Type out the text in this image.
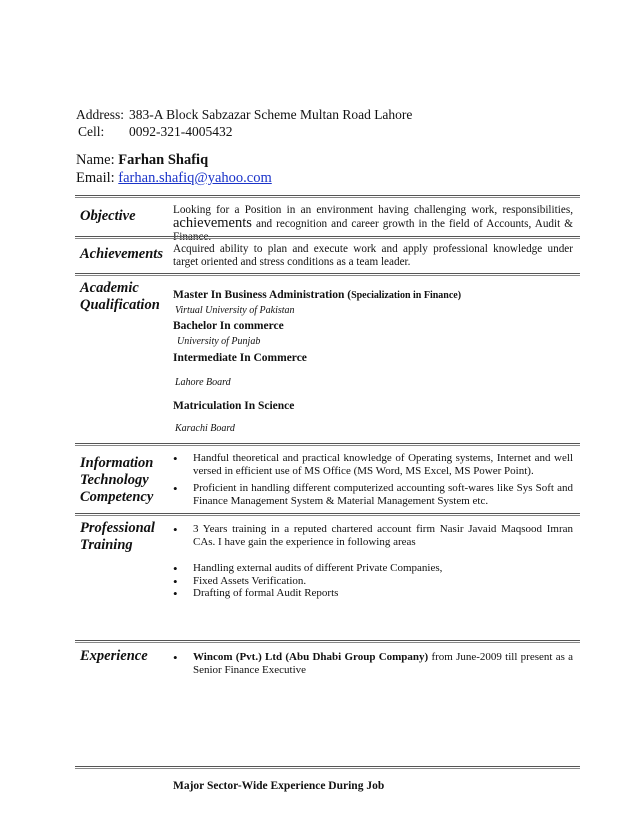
Address: 383-A Block Sabzazar Scheme Multan Road Lahore
Cell: 0092-321-4005432
Name: Farhan Shafiq
Email: farhan.shafiq@yahoo.com
Objective	Looking for a Position in an environment having challenging work, responsibilities, achievements and recognition and career growth in the field of Accounts, Audit & Finance.
Achievements Acquired ability to plan and execute work and apply professional knowledge under target oriented and stress conditions as a team leader.
Academic Qualification
Master In Business Administration (Specialization in Finance)
Virtual University of Pakistan
Bachelor In commerce
University of Punjab
Intermediate In Commerce
Lahore Board
Matriculation In Science
Karachi Board
Information Technology Competency
• Handful theoretical and practical knowledge of Operating systems, Internet and well versed in efficient use of MS Office (MS Word, MS Excel, MS Power Point).
• Proficient in handling different computerized accounting soft-wares like Sys Soft and Finance Management System & Material Management System etc.
Professional Training
• 3 Years training in a reputed chartered account firm Nasir Javaid Maqsood Imran CAs. I have gain the experience in following areas
• Handling external audits of different Private Companies,
• Fixed Assets Verification.
• Drafting of formal Audit Reports
Experience	• Wincom (Pvt.) Ltd (Abu Dhabi Group Company) from June-2009 till present as a Senior Finance Executive
Major Sector-Wide Experience During Job
